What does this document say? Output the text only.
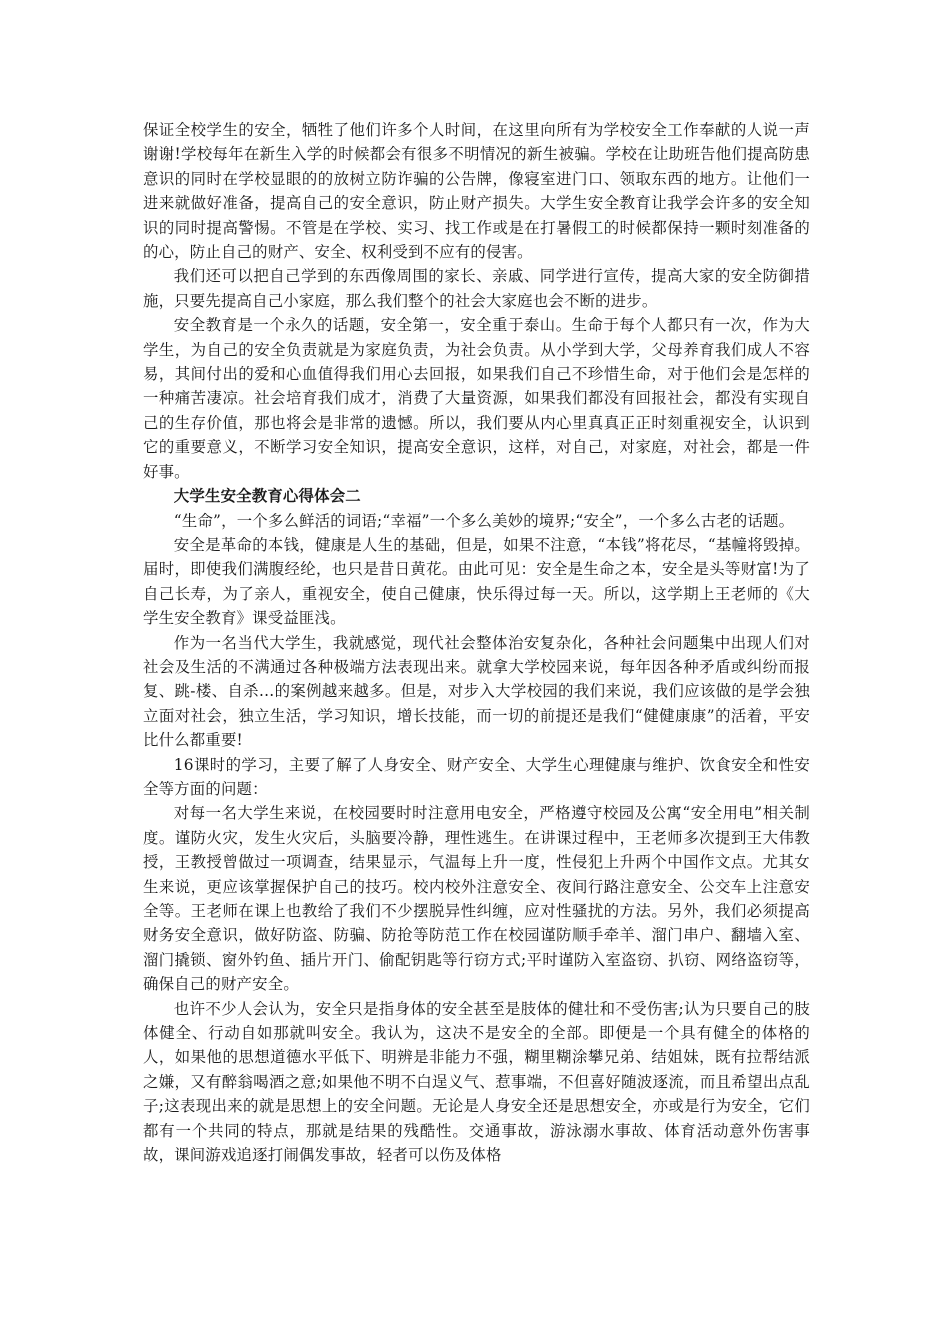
保证全校学生的安全，牺牲了他们许多个人时间，在这里向所有为学校安全工作奉献的人说一声谢谢!学校每年在新生入学的时候都会有很多不明情况的新生被骗。学校在让助班告他们提高防患意识的同时在学校显眼的的放树立防诈骗的公告牌，像寝室进门口、领取东西的地方。让他们一进来就做好准备，提高自己的安全意识，防止财产损失。大学生安全教育让我学会许多的安全知识的同时提高警惕。不管是在学校、实习、找工作或是在打暑假工的时候都保持一颗时刻准备的的心，防止自己的财产、安全、权利受到不应有的侵害。

我们还可以把自己学到的东西像周围的家长、亲戚、同学进行宣传，提高大家的安全防御措施，只要先提高自己小家庭，那么我们整个的社会大家庭也会不断的进步。

安全教育是一个永久的话题，安全第一，安全重于泰山。生命于每个人都只有一次，作为大学生，为自己的安全负责就是为家庭负责，为社会负责。从小学到大学，父母养育我们成人不容易，其间付出的爱和心血值得我们用心去回报，如果我们自己不珍惜生命，对于他们会是怎样的一种痛苦凄凉。社会培育我们成才，消费了大量资源，如果我们都没有回报社会，都没有实现自己的生存价值，那也将会是非常的遗憾。所以，我们要从内心里真真正正时刻重视安全，认识到它的重要意义，不断学习安全知识，提高安全意识，这样，对自己，对家庭，对社会，都是一件好事。

大学生安全教育心得体会二

“生命”，一个多么鲜活的词语;“幸福”一个多么美妙的境界;“安全”，一个多么古老的话题。

安全是革命的本钱，健康是人生的基础，但是，如果不注意，“本钱”将花尽，“基幢将毁掉。届时，即使我们满腹经纶，也只是昔日黄花。由此可见：安全是生命之本，安全是头等财富!为了自己长寿，为了亲人，重视安全，使自己健康，快乐得过每一天。所以，这学期上王老师的《大学生安全教育》课受益匪浅。

作为一名当代大学生，我就感觉，现代社会整体治安复杂化，各种社会问题集中出现人们对社会及生活的不满通过各种极端方法表现出来。就拿大学校园来说，每年因各种矛盾或纠纷而报复、跳-楼、自杀…的案例越来越多。但是，对步入大学校园的我们来说，我们应该做的是学会独立面对社会，独立生活，学习知识，增长技能，而一切的前提还是我们“健健康康”的活着，平安比什么都重要!

16课时的学习，主要了解了人身安全、财产安全、大学生心理健康与维护、饮食安全和性安全等方面的问题：

对每一名大学生来说，在校园要时时注意用电安全，严格遵守校园及公寓“安全用电”相关制度。谨防火灾，发生火灾后，头脑要冷静，理性逃生。在讲课过程中，王老师多次提到王大伟教授，王教授曾做过一项调查，结果显示，气温每上升一度，性侵犯上升两个中国作文点。尤其女生来说，更应该掌握保护自己的技巧。校内校外注意安全、夜间行路注意安全、公交车上注意安全等。王老师在课上也教给了我们不少摆脱异性纠缠，应对性骚扰的方法。另外，我们必须提高财务安全意识，做好防盗、防骗、防抢等防范工作在校园谨防顺手牵羊、溜门串户、翻墙入室、溜门撬锁、窗外钓鱼、插片开门、偷配钥匙等行窃方式;平时谨防入室盗窃、扒窃、网络盗窃等，确保自己的财产安全。

也许不少人会认为，安全只是指身体的安全甚至是肢体的健壮和不受伤害;认为只要自己的肢体健全、行动自如那就叫安全。我认为，这决不是安全的全部。即便是一个具有健全的体格的人，如果他的思想道德水平低下、明辨是非能力不强，糊里糊涂攀兄弟、结姐妹，既有拉帮结派之嫌，又有醉翁喝酒之意;如果他不明不白逞义气、惹事端，不但喜好随波逐流，而且希望出点乱子;这表现出来的就是思想上的安全问题。无论是人身安全还是思想安全，亦或是行为安全，它们都有一个共同的特点，那就是结果的残酷性。交通事故，游泳溺水事故、体育活动意外伤害事故，课间游戏追逐打闹偶发事故，轻者可以伤及体格
